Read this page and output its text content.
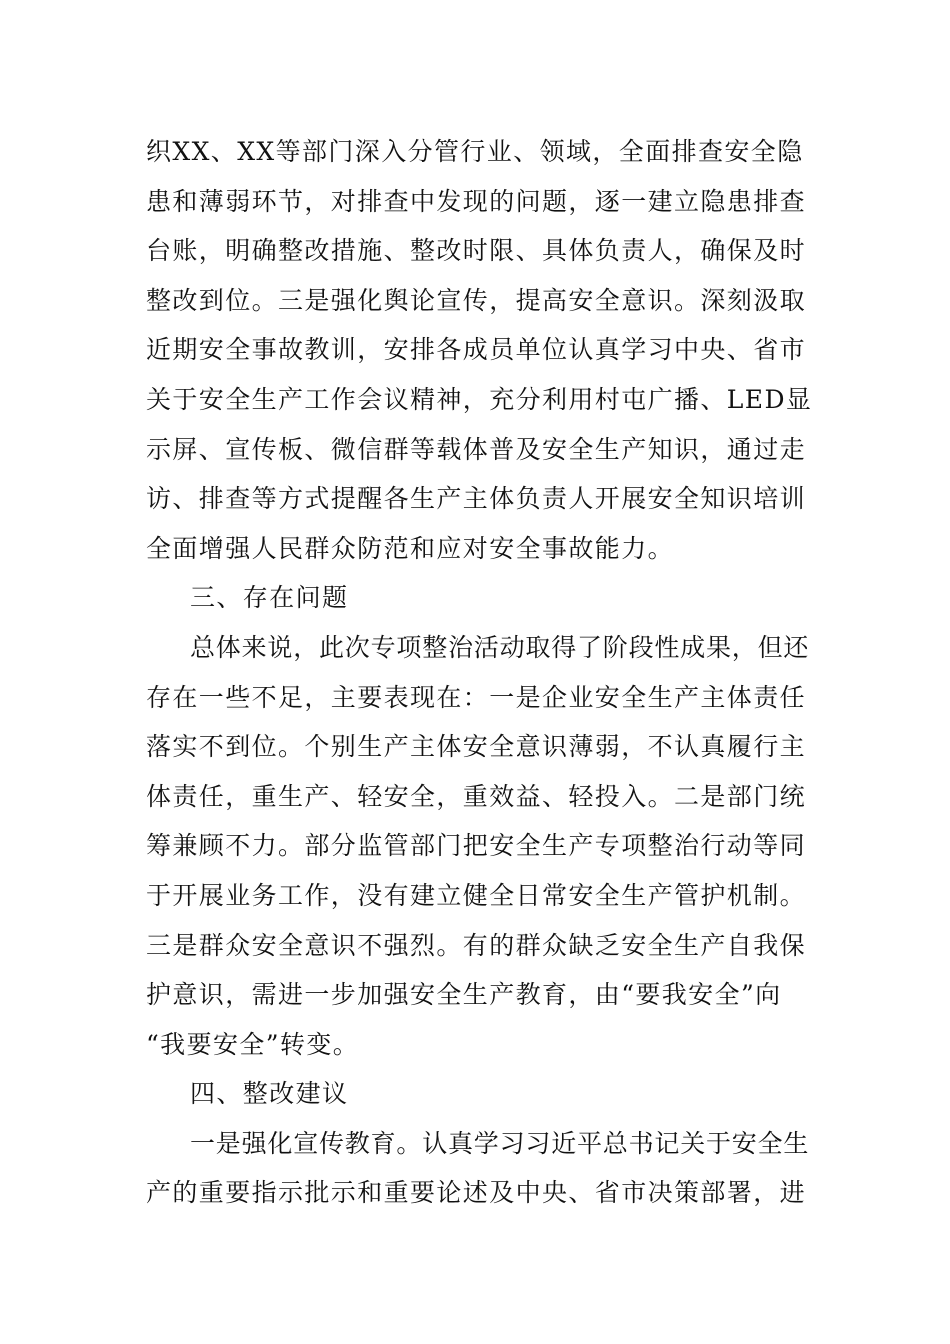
织XX、XX等部门深入分管行业、领域，全面排查安全隐
患和薄弱环节，对排查中发现的问题，逐一建立隐患排查
台账，明确整改措施、整改时限、具体负责人，确保及时
整改到位。三是强化舆论宣传，提高安全意识。深刻汲取
近期安全事故教训，安排各成员单位认真学习中央、省市
关于安全生产工作会议精神，充分利用村屯广播、LED显
示屏、宣传板、微信群等载体普及安全生产知识，通过走
访、排查等方式提醒各生产主体负责人开展安全知识培训
全面增强人民群众防范和应对安全事故能力。
三、存在问题
总体来说，此次专项整治活动取得了阶段性成果，但还
存在一些不足，主要表现在：一是企业安全生产主体责任
落实不到位。个别生产主体安全意识薄弱，不认真履行主
体责任，重生产、轻安全，重效益、轻投入。二是部门统
筹兼顾不力。部分监管部门把安全生产专项整治行动等同
于开展业务工作，没有建立健全日常安全生产管护机制。
三是群众安全意识不强烈。有的群众缺乏安全生产自我保
护意识，需进一步加强安全生产教育，由“要我安全”向
“我要安全”转变。
四、整改建议
一是强化宣传教育。认真学习习近平总书记关于安全生
产的重要指示批示和重要论述及中央、省市决策部署，进
